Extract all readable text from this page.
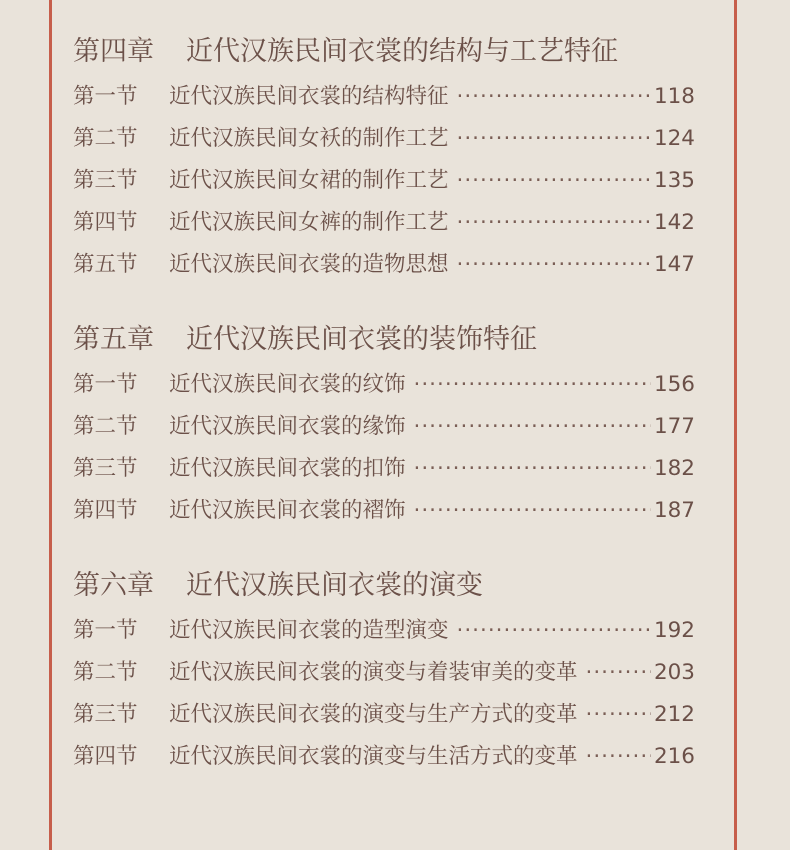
第四章 近代汉族民间衣裳的结构与工艺特征
第一节	近代汉族民间衣裳的结构特征 ·····	118
第二节	近代汉族民间女袄的制作工艺 ·····	124
第三节	近代汉族民间女裙的制作工艺 ·····	135
第四节	近代汉族民间女裤的制作工艺 ·····	142
第五节	近代汉族民间衣裳的造物思想 ·····	147
第五章 近代汉族民间衣裳的装饰特征
第一节	近代汉族民间衣裳的纹饰 ·····	156
第二节	近代汉族民间衣裳的缘饰 ·····	177
第三节	近代汉族民间衣裳的扣饰 ·····	182
第四节	近代汉族民间衣裳的褶饰 ·····	187
第六章 近代汉族民间衣裳的演变
第一节	近代汉族民间衣裳的造型演变 ·····	192
第二节	近代汉族民间衣裳的演变与着装审美的变革 ·····	203
第三节	近代汉族民间衣裳的演变与生产方式的变革 ·····	212
第四节	近代汉族民间衣裳的演变与生活方式的变革 ·····	216
